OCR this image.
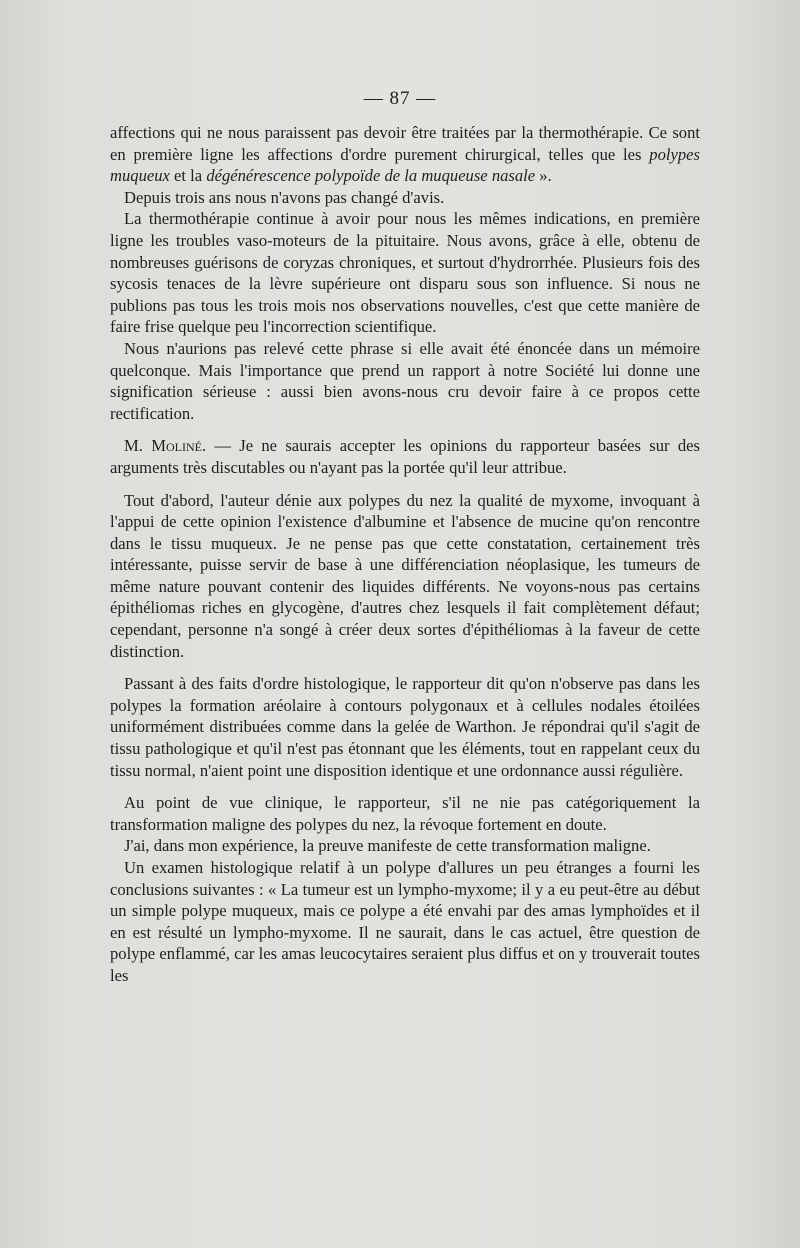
— 87 —

affections qui ne nous paraissent pas devoir être traitées par la thermothérapie. Ce sont en première ligne les affections d'ordre purement chirurgical, telles que les polypes muqueux et la dégénérescence polypoïde de la muqueuse nasale ».

Depuis trois ans nous n'avons pas changé d'avis.

La thermothérapie continue à avoir pour nous les mêmes indications, en première ligne les troubles vaso-moteurs de la pituitaire. Nous avons, grâce à elle, obtenu de nombreuses guérisons de coryzas chroniques, et surtout d'hydrorrhée. Plusieurs fois des sycosis tenaces de la lèvre supérieure ont disparu sous son influence. Si nous ne publions pas tous les trois mois nos observations nouvelles, c'est que cette manière de faire frise quelque peu l'incorrection scientifique.

Nous n'aurions pas relevé cette phrase si elle avait été énoncée dans un mémoire quelconque. Mais l'importance que prend un rapport à notre Société lui donne une signification sérieuse : aussi bien avons-nous cru devoir faire à ce propos cette rectification.

M. Moliné. — Je ne saurais accepter les opinions du rapporteur basées sur des arguments très discutables ou n'ayant pas la portée qu'il leur attribue.

Tout d'abord, l'auteur dénie aux polypes du nez la qualité de myxome, invoquant à l'appui de cette opinion l'existence d'albumine et l'absence de mucine qu'on rencontre dans le tissu muqueux. Je ne pense pas que cette constatation, certainement très intéressante, puisse servir de base à une différenciation néoplasique, les tumeurs de même nature pouvant contenir des liquides différents. Ne voyons-nous pas certains épithéliomas riches en glycogène, d'autres chez lesquels il fait complètement défaut; cependant, personne n'a songé à créer deux sortes d'épithéliomas à la faveur de cette distinction.

Passant à des faits d'ordre histologique, le rapporteur dit qu'on n'observe pas dans les polypes la formation aréolaire à contours polygonaux et à cellules nodales étoilées uniformément distribuées comme dans la gelée de Warthon. Je répondrai qu'il s'agit de tissu pathologique et qu'il n'est pas étonnant que les éléments, tout en rappelant ceux du tissu normal, n'aient point une disposition identique et une ordonnance aussi régulière.

Au point de vue clinique, le rapporteur, s'il ne nie pas catégoriquement la transformation maligne des polypes du nez, la révoque fortement en doute.

J'ai, dans mon expérience, la preuve manifeste de cette transformation maligne.

Un examen histologique relatif à un polype d'allures un peu étranges a fourni les conclusions suivantes : « La tumeur est un lympho-myxome; il y a eu peut-être au début un simple polype muqueux, mais ce polype a été envahi par des amas lymphoïdes et il en est résulté un lympho-myxome. Il ne saurait, dans le cas actuel, être question de polype enflammé, car les amas leucocytaires seraient plus diffus et on y trouverait toutes les
